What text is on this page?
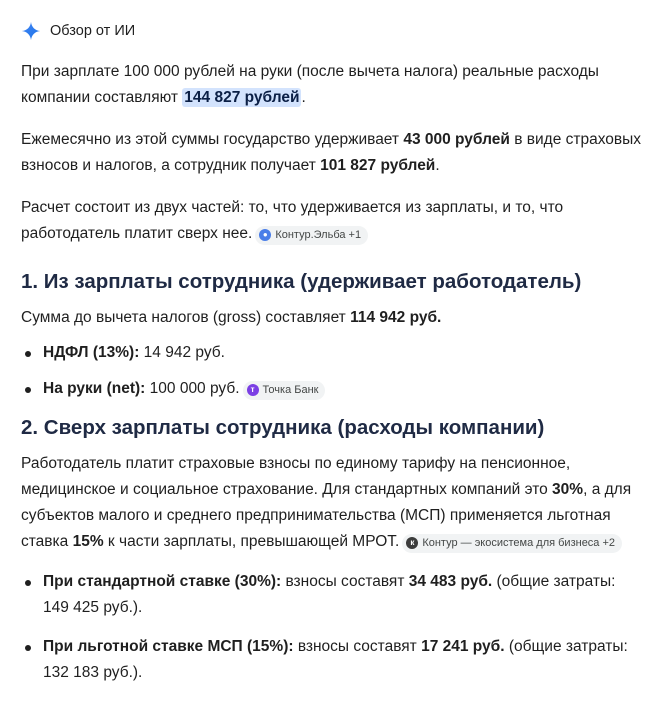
Обзор от ИИ

При зарплате 100 000 рублей на руки (после вычета налога) реальные расходы компании составляют 144 827 рублей .

Ежемесячно из этой суммы государство удерживает 43 000 рублей в виде страховых взносов и налогов, а сотрудник получает 101 827 рублей.

Расчет состоит из двух частей: то, что удерживается из зарплаты, и то, что работодатель платит сверх нее.	● Контур.Эльба +1

1. Из зарплаты сотрудника (удерживает работодатель)

Сумма до вычета налогов (gross) составляет 114 942 руб.

НДФЛ (13%): 14 942 руб.
На руки (net): 100 000 руб.	т Точка Банк
2. Сверх зарплаты сотрудника (расходы компании)

Работодатель платит страховые взносы по единому тарифу на пенсионное, медицинское и социальное страхование. Для стандартных компаний это 30%, а для субъектов малого и среднего предпринимательства (МСП) применяется льготная ставка 15% к части зарплаты, превышающей МРОТ.	к Контур — экосистема для бизнеса +2

При стандартной ставке (30%): взносы составят 34 483 руб. (общие затраты: 149 425 руб.).
При льготной ставке МСП (15%): взносы составят 17 241 руб. (общие затраты: 132 183 руб.).
